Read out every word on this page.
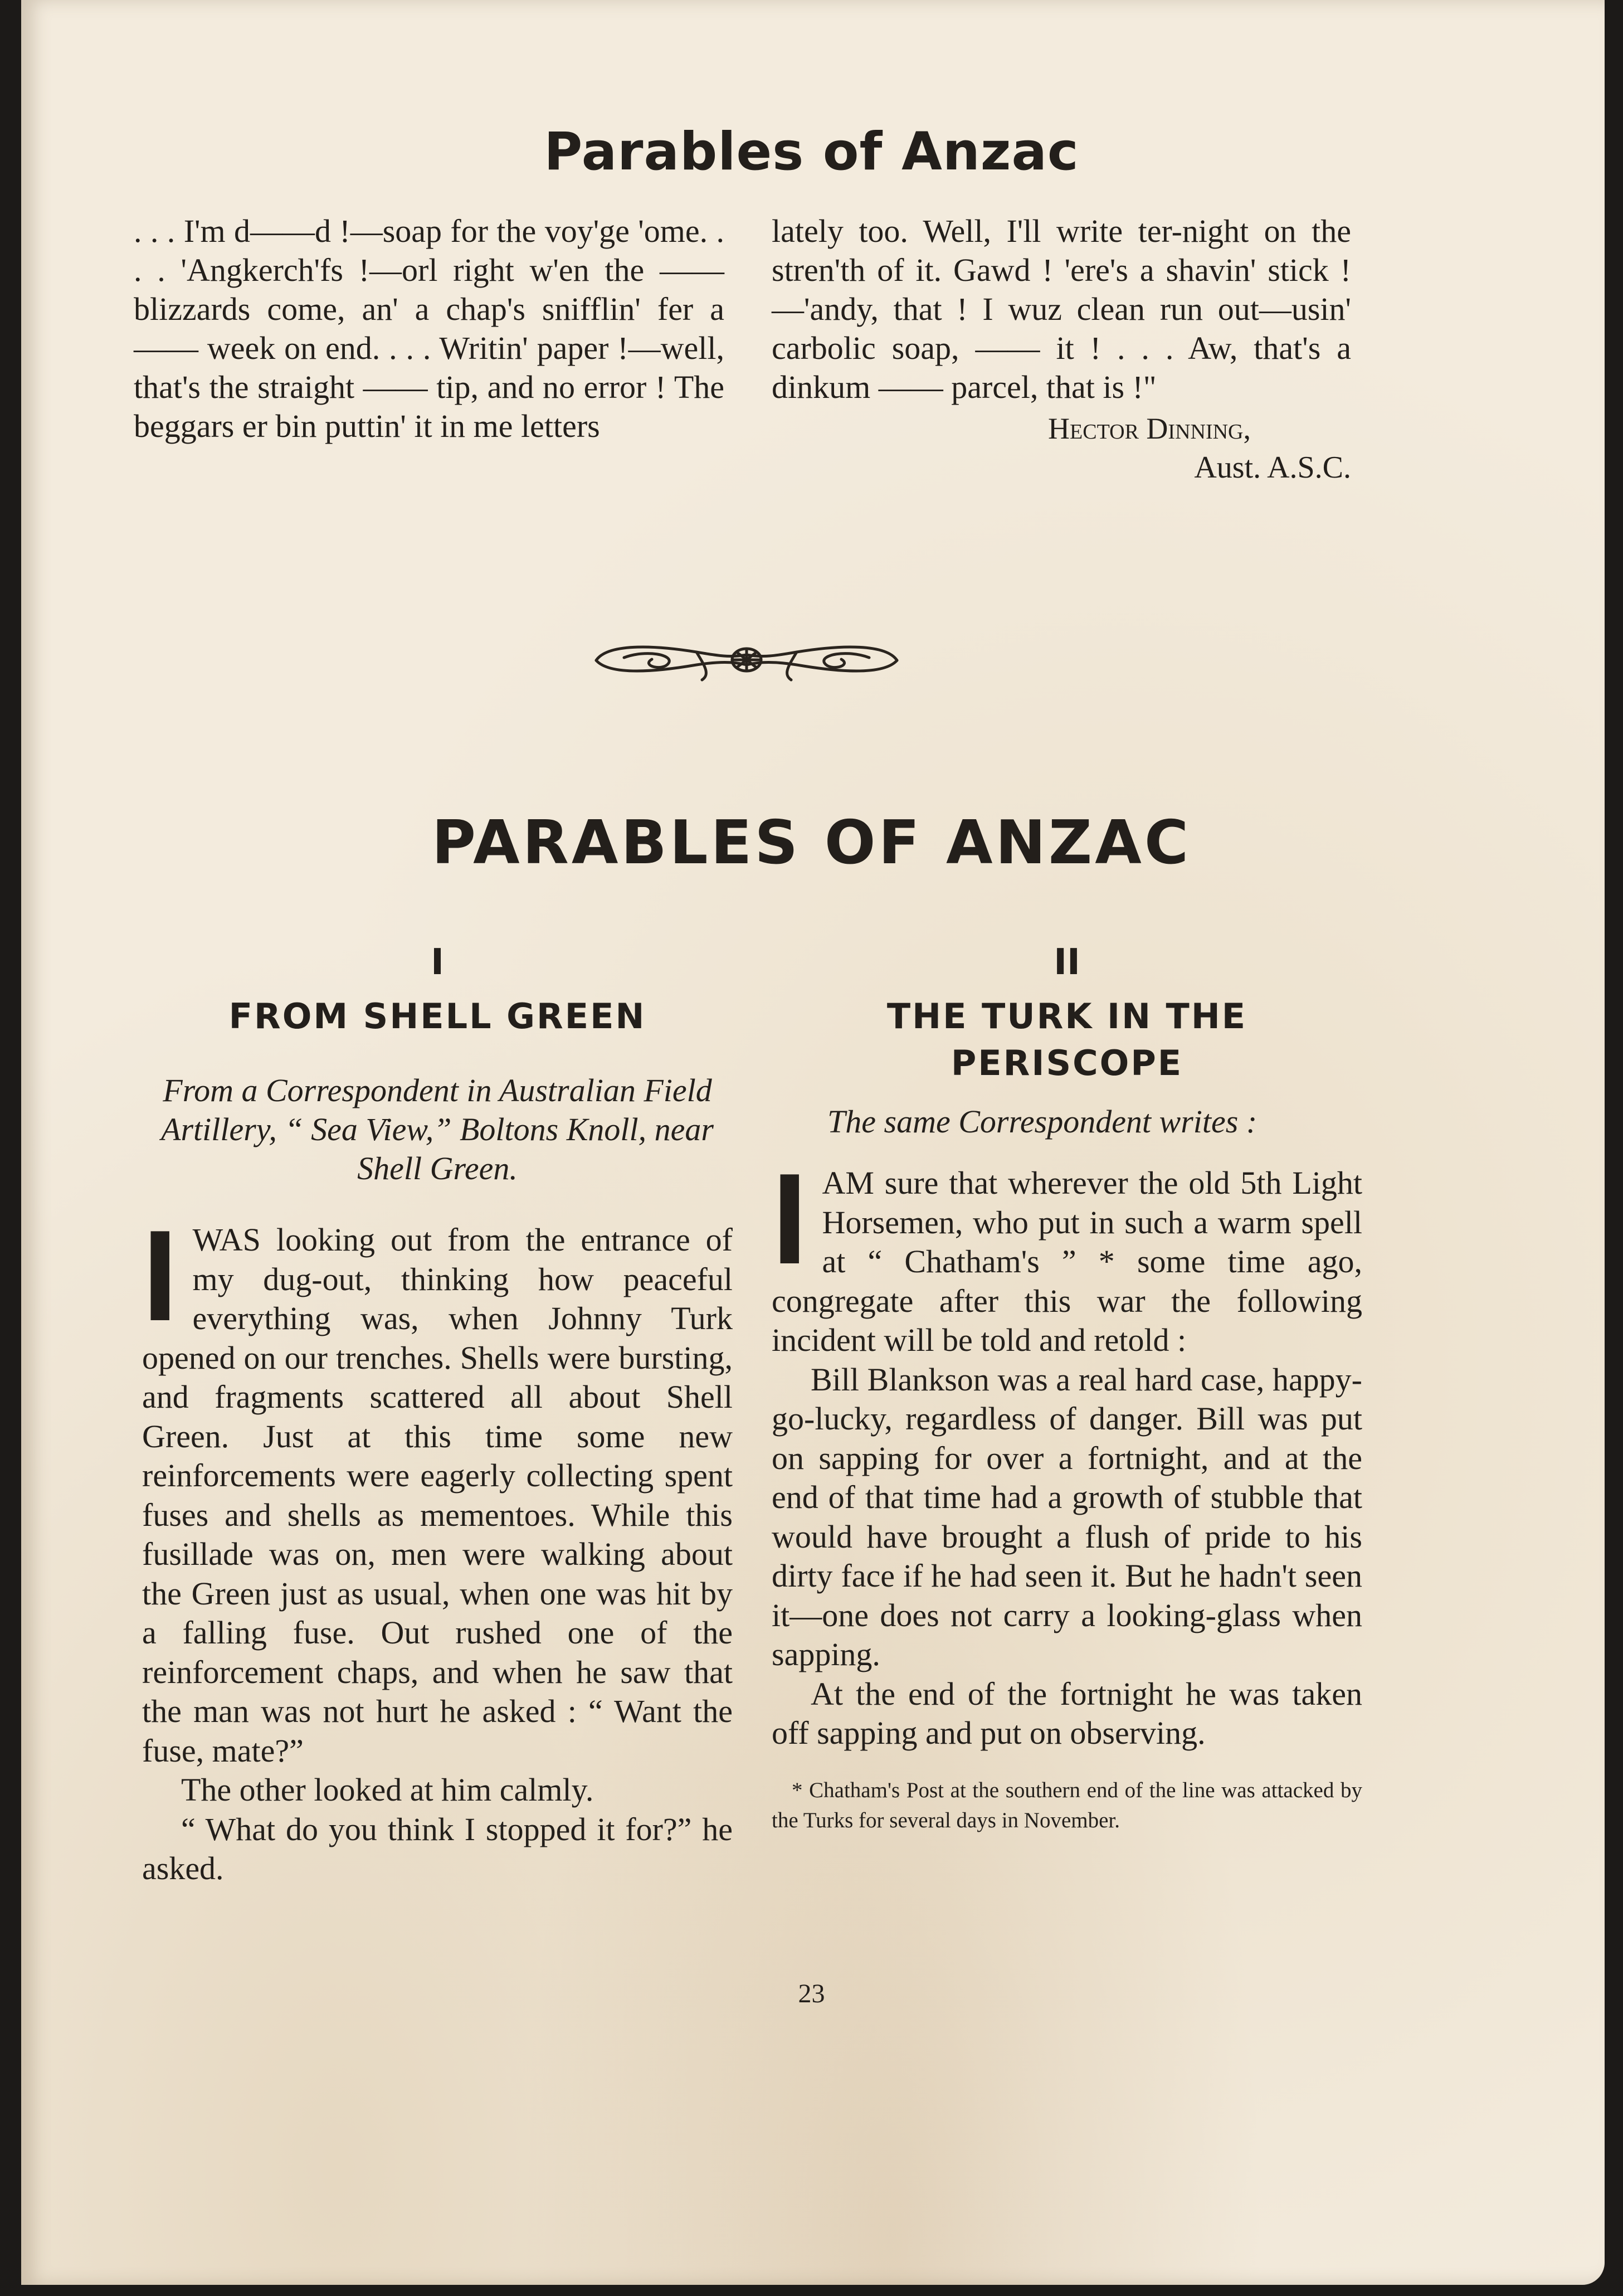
Parables of Anzac

. . . I'm d——d !—soap for the voy'ge 'ome. . . . 'Angkerch'fs !—orl right w'en the —— blizzards come, an' a chap's snifflin' fer a —— week on end. . . . Writin' paper !—well, that's the straight —— tip, and no error ! The beggars er bin puttin' it in me letters

lately too. Well, I'll write ter-night on the stren'th of it. Gawd ! 'ere's a shavin' stick !—'andy, that ! I wuz clean run out—usin' carbolic soap, —— it ! . . . Aw, that's a dinkum —— parcel, that is !"

Hector Dinning,

Aust. A.S.C.

PARABLES OF ANZAC

I

FROM SHELL GREEN

From a Correspondent in Australian Field Artillery, “ Sea View,” Boltons Knoll, near Shell Green.

I WAS looking out from the entrance of my dug-out, thinking how peaceful everything was, when Johnny Turk opened on our trenches. Shells were bursting, and fragments scattered all about Shell Green. Just at this time some new reinforcements were eagerly collecting spent fuses and shells as mementoes. While this fusillade was on, men were walking about the Green just as usual, when one was hit by a falling fuse. Out rushed one of the reinforcement chaps, and when he saw that the man was not hurt he asked : “ Want the fuse, mate?”

The other looked at him calmly.

“ What do you think I stopped it for?” he asked.

II

THE TURK IN THE PERISCOPE

The same Correspondent writes :

I AM sure that wherever the old 5th Light Horsemen, who put in such a warm spell at “ Chatham's ” * some time ago, congregate after this war the following incident will be told and retold :

Bill Blankson was a real hard case, happy-go-lucky, regardless of danger. Bill was put on sapping for over a fortnight, and at the end of that time had a growth of stubble that would have brought a flush of pride to his dirty face if he had seen it. But he hadn't seen it—one does not carry a looking-glass when sapping.

At the end of the fortnight he was taken off sapping and put on observing.

* Chatham's Post at the southern end of the line was attacked by the Turks for several days in November.

23
